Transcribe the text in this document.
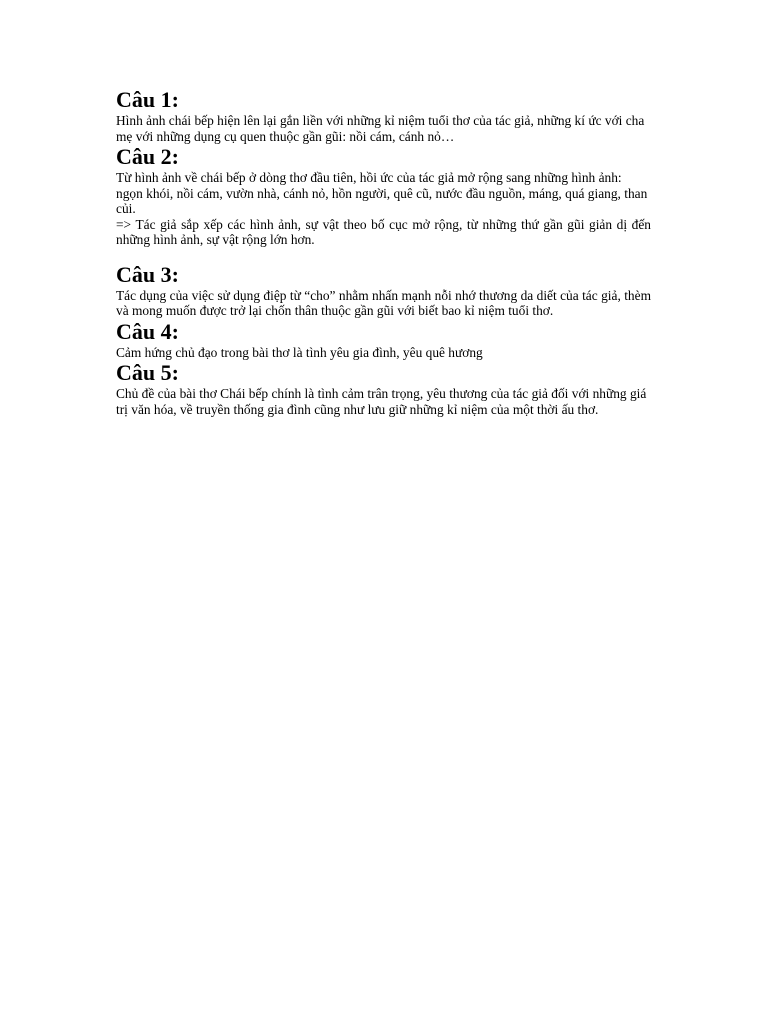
Câu 1:

Hình ảnh chái bếp hiện lên lại gắn liền với những kỉ niệm tuổi thơ của tác giả, những kí ức với cha mẹ với những dụng cụ quen thuộc gần gũi: nồi cám, cánh nỏ…

Câu 2:

Từ hình ảnh về chái bếp ở dòng thơ đầu tiên, hồi ức của tác giả mở rộng sang những hình ảnh: ngọn khói, nồi cám, vườn nhà, cánh nỏ, hồn người, quê cũ, nước đầu nguồn, máng, quá giang, than củi.

=> Tác giả sắp xếp các hình ảnh, sự vật theo bố cục mở rộng, từ những thứ gần gũi giản dị đến những hình ảnh, sự vật rộng lớn hơn.

Câu 3:

Tác dụng của việc sử dụng điệp từ “cho” nhằm nhấn mạnh nỗi nhớ thương da diết của tác giả, thèm và mong muốn được trở lại chốn thân thuộc gần gũi với biết bao kỉ niệm tuổi thơ.

Câu 4:

Cảm hứng chủ đạo trong bài thơ là tình yêu gia đình, yêu quê hương

Câu 5:

Chủ đề của bài thơ Chái bếp chính là tình cảm trân trọng, yêu thương của tác giả đối với những giá trị văn hóa, về truyền thống gia đình cũng như lưu giữ những kỉ niệm của một thời ấu thơ.
